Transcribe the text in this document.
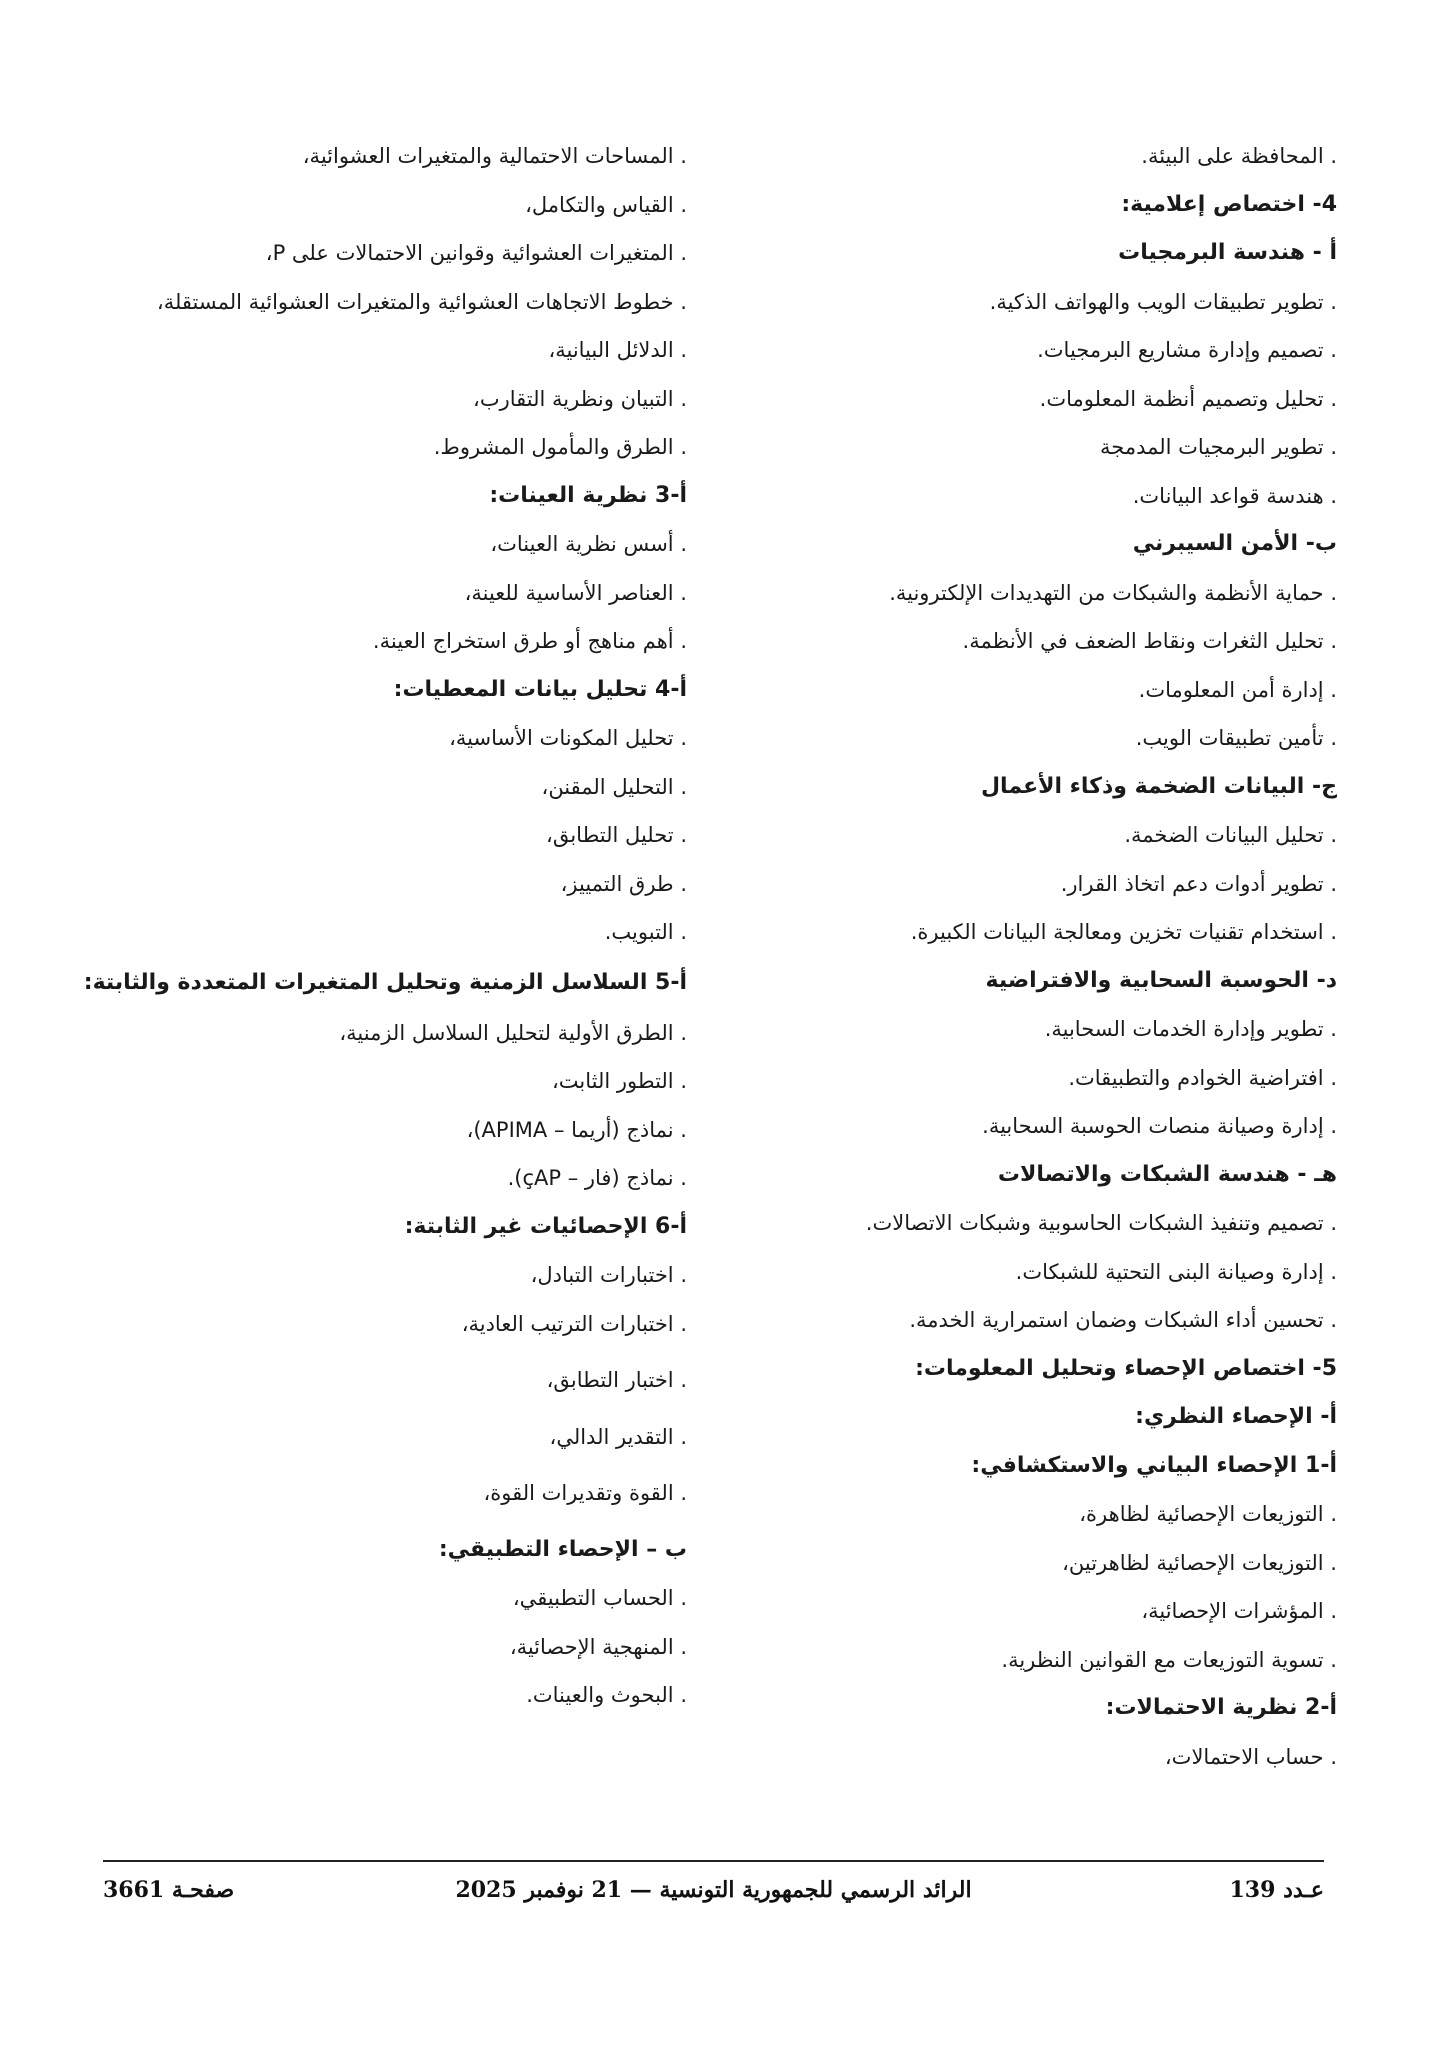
. المحافظة على البيئة.
4- اختصاص إعلامية:
أ - هندسة البرمجيات
. تطوير تطبيقات الويب والهواتف الذكية.
. تصميم وإدارة مشاريع البرمجيات.
. تحليل وتصميم أنظمة المعلومات.
. تطوير البرمجيات المدمجة
. هندسة قواعد البيانات.
ب- الأمن السيبرني
. حماية الأنظمة والشبكات من التهديدات الإلكترونية.
. تحليل الثغرات ونقاط الضعف في الأنظمة.
. إدارة أمن المعلومات.
. تأمين تطبيقات الويب.
ج- البيانات الضخمة وذكاء الأعمال
. تحليل البيانات الضخمة.
. تطوير أدوات دعم اتخاذ القرار.
. استخدام تقنيات تخزين ومعالجة البيانات الكبيرة.
د- الحوسبة السحابية والافتراضية
. تطوير وإدارة الخدمات السحابية.
. افتراضية الخوادم والتطبيقات.
. إدارة وصيانة منصات الحوسبة السحابية.
هـ - هندسة الشبكات والاتصالات
. تصميم وتنفيذ الشبكات الحاسوبية وشبكات الاتصالات.
. إدارة وصيانة البنى التحتية للشبكات.
. تحسين أداء الشبكات وضمان استمرارية الخدمة.
5- اختصاص الإحصاء وتحليل المعلومات:
أ- الإحصاء النظري:
أ-1 الإحصاء البياني والاستكشافي:
. التوزيعات الإحصائية لظاهرة،
. التوزيعات الإحصائية لظاهرتين،
. المؤشرات الإحصائية،
. تسوية التوزيعات مع القوانين النظرية.
أ-2 نظرية الاحتمالات:
. حساب الاحتمالات،
. المساحات الاحتمالية والمتغيرات العشوائية،
. القياس والتكامل،
. المتغيرات العشوائية وقوانين الاحتمالات على P،
. خطوط الاتجاهات العشوائية والمتغيرات العشوائية المستقلة،
. الدلائل البيانية،
. التبيان ونظرية التقارب،
. الطرق والمأمول المشروط.
أ-3 نظرية العينات:
. أسس نظرية العينات،
. العناصر الأساسية للعينة،
. أهم مناهج أو طرق استخراج العينة.
أ-4 تحليل بيانات المعطيات:
. تحليل المكونات الأساسية،
. التحليل المقنن،
. تحليل التطابق،
. طرق التمييز،
. التبويب.
أ-5 السلاسل الزمنية وتحليل المتغيرات المتعددة والثابتة:
. الطرق الأولية لتحليل السلاسل الزمنية،
. التطور الثابت،
. نماذج (أريما – APIMA)،
. نماذج (فار – çAP).
أ-6 الإحصائيات غير الثابتة:
. اختبارات التبادل،
. اختبارات الترتيب العادية،
. اختبار التطابق،
. التقدير الدالي،
. القوة وتقديرات القوة،
ب – الإحصاء التطبيقي:
. الحساب التطبيقي،
. المنهجية الإحصائية،
. البحوث والعينات.
الرائد الرسمي للجمهورية التونسية — 21 نوفمبر 2025	عـدد 139
صفحـة 3661
